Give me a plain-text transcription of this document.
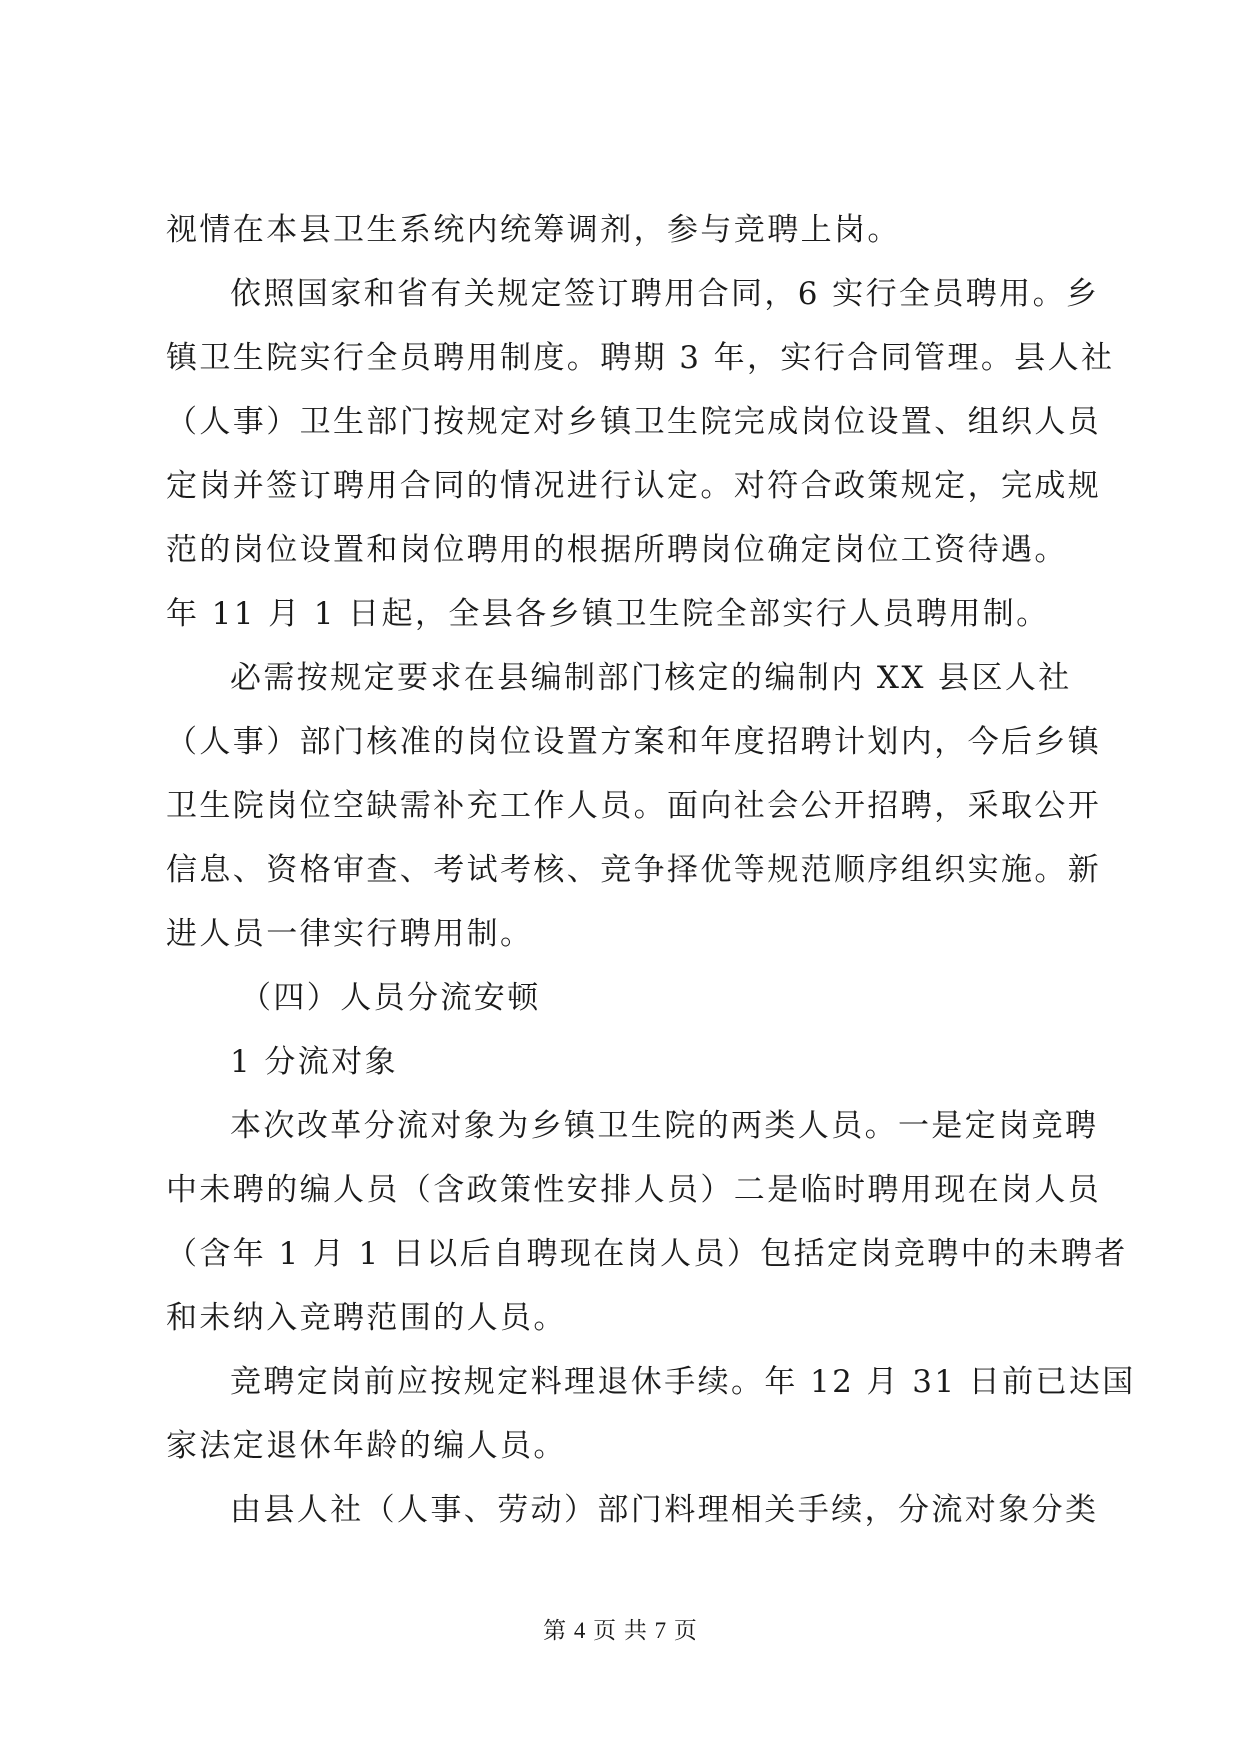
视情在本县卫生系统内统筹调剂，参与竞聘上岗。
依照国家和省有关规定签订聘用合同，6 实行全员聘用。乡
镇卫生院实行全员聘用制度。聘期 3 年，实行合同管理。县人社
（人事）卫生部门按规定对乡镇卫生院完成岗位设置、组织人员
定岗并签订聘用合同的情况进行认定。对符合政策规定，完成规
范的岗位设置和岗位聘用的根据所聘岗位确定岗位工资待遇。
年 11 月 1 日起，全县各乡镇卫生院全部实行人员聘用制。
必需按规定要求在县编制部门核定的编制内 XX 县区人社
（人事）部门核准的岗位设置方案和年度招聘计划内，今后乡镇
卫生院岗位空缺需补充工作人员。面向社会公开招聘，采取公开
信息、资格审查、考试考核、竞争择优等规范顺序组织实施。新
进人员一律实行聘用制。
（四）人员分流安顿
1 分流对象
本次改革分流对象为乡镇卫生院的两类人员。一是定岗竞聘
中未聘的编人员（含政策性安排人员）二是临时聘用现在岗人员
（含年 1 月 1 日以后自聘现在岗人员）包括定岗竞聘中的未聘者
和未纳入竞聘范围的人员。
竞聘定岗前应按规定料理退休手续。年 12 月 31 日前已达国
家法定退休年龄的编人员。
由县人社（人事、劳动）部门料理相关手续，分流对象分类
第 4 页 共 7 页
